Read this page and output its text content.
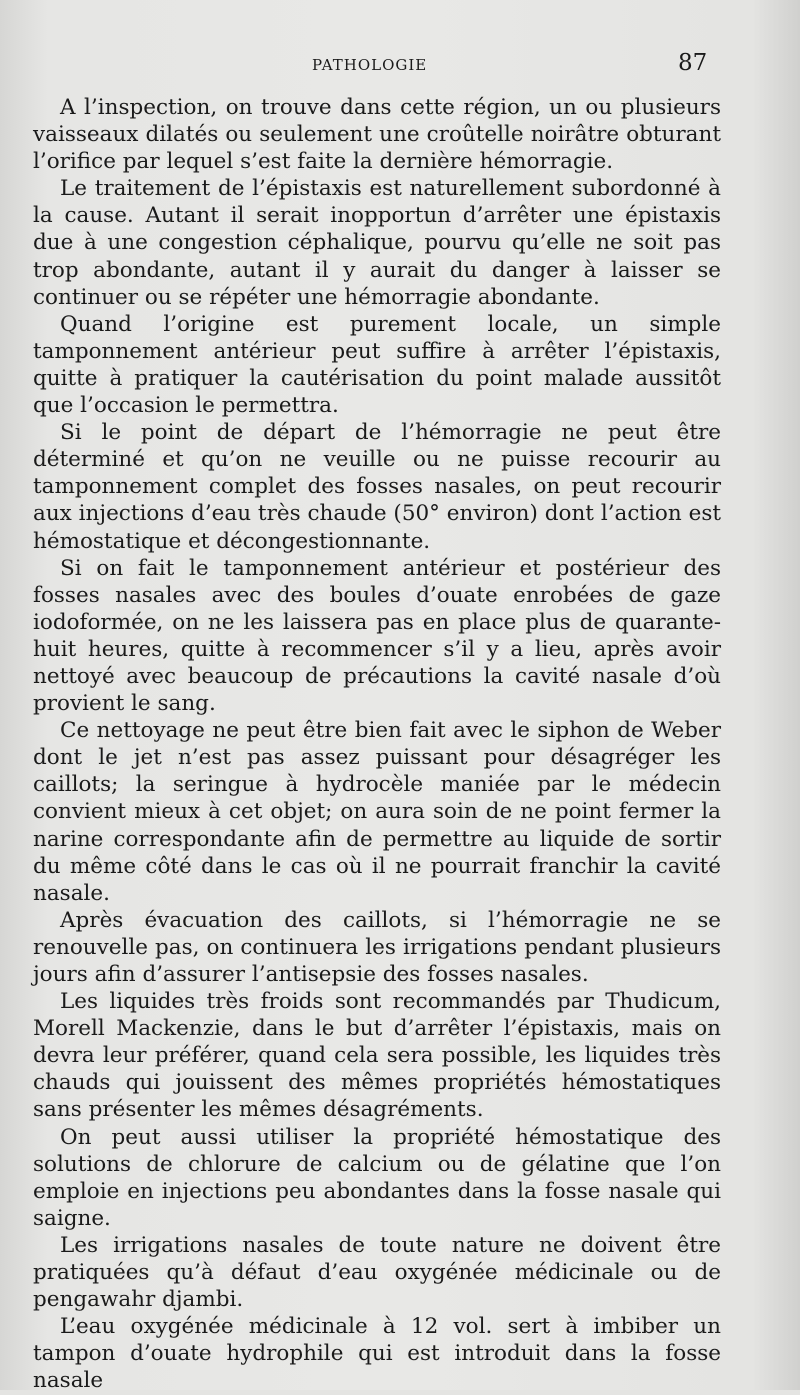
PATHOLOGIE	87

A l’inspection, on trouve dans cette région, un ou plusieurs vaisseaux dilatés ou seulement une croûtelle noirâtre obturant l’orifice par lequel s’est faite la dernière hémorragie.

Le traitement de l’épistaxis est naturellement subordonné à la cause. Autant il serait inopportun d’arrêter une épistaxis due à une congestion céphalique, pourvu qu’elle ne soit pas trop abondante, autant il y aurait du danger à laisser se continuer ou se répéter une hémorragie abondante.

Quand l’origine est purement locale, un simple tamponnement antérieur peut suffire à arrêter l’épistaxis, quitte à pratiquer la cautérisation du point malade aussitôt que l’occasion le permettra.

Si le point de départ de l’hémorragie ne peut être déterminé et qu’on ne veuille ou ne puisse recourir au tamponnement complet des fosses nasales, on peut recourir aux injections d’eau très chaude (50° environ) dont l’action est hémostatique et décongestionnante.

Si on fait le tamponnement antérieur et postérieur des fosses nasales avec des boules d’ouate enrobées de gaze iodoformée, on ne les laissera pas en place plus de quarante-huit heures, quitte à recommencer s’il y a lieu, après avoir nettoyé avec beaucoup de précautions la cavité nasale d’où provient le sang.

Ce nettoyage ne peut être bien fait avec le siphon de Weber dont le jet n’est pas assez puissant pour désagréger les caillots; la seringue à hydrocèle maniée par le médecin convient mieux à cet objet; on aura soin de ne point fermer la narine correspondante afin de permettre au liquide de sortir du même côté dans le cas où il ne pourrait franchir la cavité nasale.

Après évacuation des caillots, si l’hémorragie ne se renouvelle pas, on continuera les irrigations pendant plusieurs jours afin d’assurer l’antisepsie des fosses nasales.

Les liquides très froids sont recommandés par Thudicum, Morell Mackenzie, dans le but d’arrêter l’épistaxis, mais on devra leur préférer, quand cela sera possible, les liquides très chauds qui jouissent des mêmes propriétés hémostatiques sans présenter les mêmes désagréments.

On peut aussi utiliser la propriété hémostatique des solutions de chlorure de calcium ou de gélatine que l’on emploie en injections peu abondantes dans la fosse nasale qui saigne.

Les irrigations nasales de toute nature ne doivent être pratiquées qu’à défaut d’eau oxygénée médicinale ou de pengawahr djambi.

L’eau oxygénée médicinale à 12 vol. sert à imbiber un tampon d’ouate hydrophile qui est introduit dans la fosse nasale
